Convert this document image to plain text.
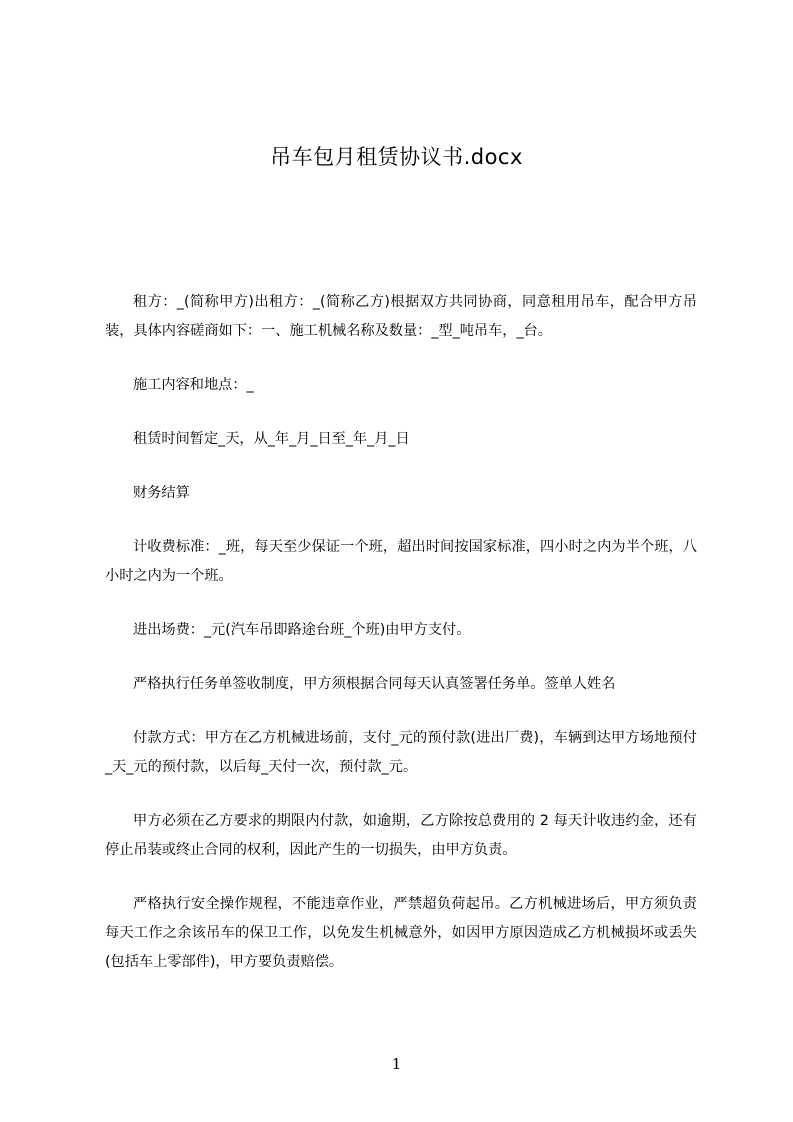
吊车包月租赁协议书.docx

租方：_(简称甲方)出租方：_(简称乙方)根据双方共同协商，同意租用吊车，配合甲方吊装，具体内容磋商如下：一、施工机械名称及数量：_型_吨吊车，_台。

施工内容和地点：_

租赁时间暂定_天，从_年_月_日至_年_月_日

财务结算

计收费标准：_班，每天至少保证一个班，超出时间按国家标准，四小时之内为半个班，八小时之内为一个班。

进出场费：_元(汽车吊即路途台班_个班)由甲方支付。

严格执行任务单签收制度，甲方须根据合同每天认真签署任务单。签单人姓名

付款方式：甲方在乙方机械进场前，支付_元的预付款(进出厂费)，车辆到达甲方场地预付_天_元的预付款，以后每_天付一次，预付款_元。

甲方必须在乙方要求的期限内付款，如逾期，乙方除按总费用的 2 每天计收违约金，还有停止吊装或终止合同的权利，因此产生的一切损失，由甲方负责。

严格执行安全操作规程，不能违章作业，严禁超负荷起吊。乙方机械进场后，甲方须负责每天工作之余该吊车的保卫工作，以免发生机械意外，如因甲方原因造成乙方机械损坏或丢失(包括车上零部件)，甲方要负责赔偿。

1
